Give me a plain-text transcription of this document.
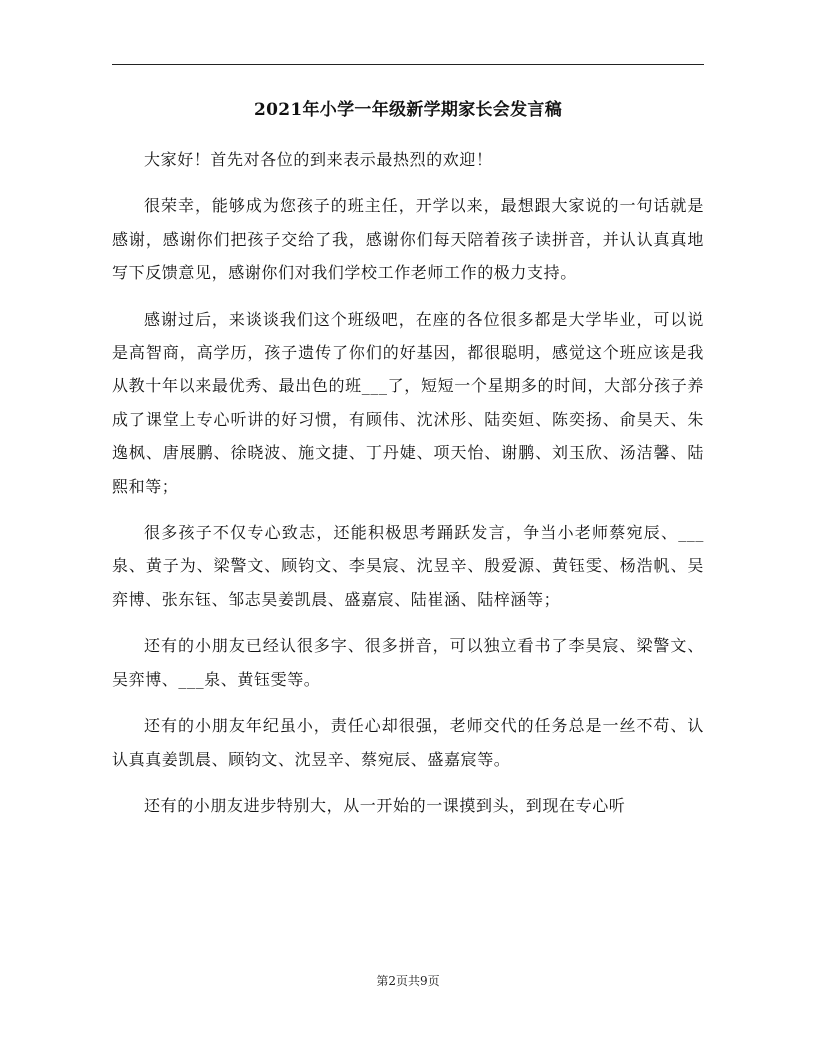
2021年小学一年级新学期家长会发言稿

大家好！首先对各位的到来表示最热烈的欢迎！

很荣幸，能够成为您孩子的班主任，开学以来，最想跟大家说的一句话就是感谢，感谢你们把孩子交给了我，感谢你们每天陪着孩子读拼音，并认认真真地写下反馈意见，感谢你们对我们学校工作老师工作的极力支持。

感谢过后，来谈谈我们这个班级吧，在座的各位很多都是大学毕业，可以说是高智商，高学历，孩子遗传了你们的好基因，都很聪明，感觉这个班应该是我从教十年以来最优秀、最出色的班___了，短短一个星期多的时间，大部分孩子养成了课堂上专心听讲的好习惯，有顾伟、沈沭彤、陆奕姮、陈奕扬、俞昊天、朱逸枫、唐展鹏、徐晓波、施文捷、丁丹婕、项天怡、谢鹏、刘玉欣、汤洁馨、陆熙和等；

很多孩子不仅专心致志，还能积极思考踊跃发言，争当小老师蔡宛辰、___泉、黄子为、梁警文、顾钧文、李昊宸、沈昱辛、殷爱源、黄钰雯、杨浩帆、吴弈博、张东钰、邹志昊姜凯晨、盛嘉宸、陆崔涵、陆梓涵等；

还有的小朋友已经认很多字、很多拼音，可以独立看书了李昊宸、梁警文、吴弈博、___泉、黄钰雯等。

还有的小朋友年纪虽小，责任心却很强，老师交代的任务总是一丝不苟、认认真真姜凯晨、顾钧文、沈昱辛、蔡宛辰、盛嘉宸等。

还有的小朋友进步特别大，从一开始的一课摸到头，到现在专心听

第2页共9页
